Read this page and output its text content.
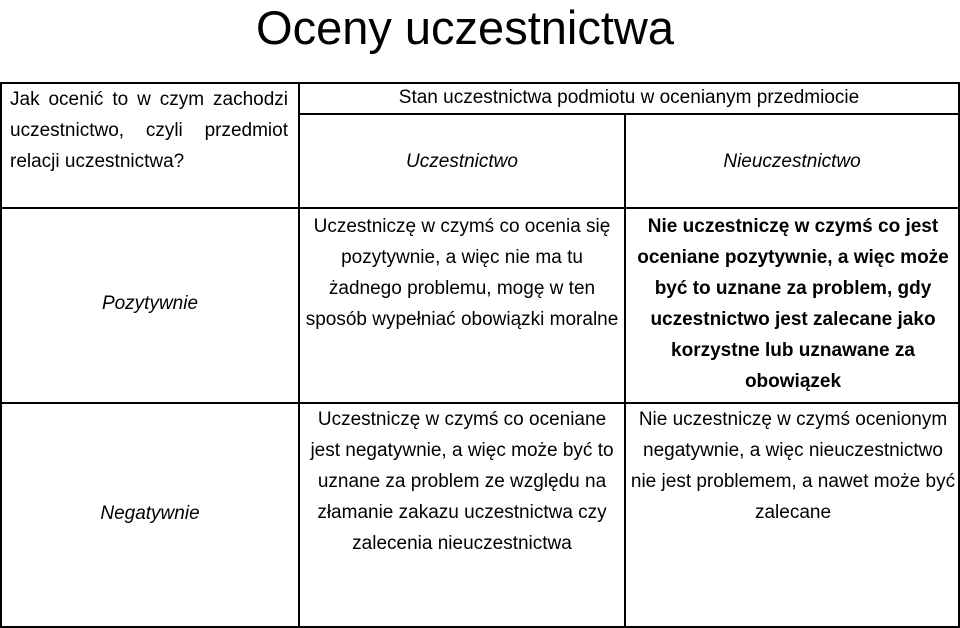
Oceny uczestnictwa
Jak ocenić to w czym zachodzi uczestnictwo, czyli przedmiot relacji uczestnictwa?
Stan uczestnictwa podmiotu w ocenianym przedmiocie
Uczestnictwo	Nieuczestnictwo
Pozytywnie
Uczestniczę w czymś co ocenia się pozytywnie, a więc nie ma tu żadnego problemu, mogę w ten sposób wypełniać obowiązki moralne
Nie uczestniczę w czymś co jest oceniane pozytywnie, a więc może być to uznane za problem, gdy uczestnictwo jest zalecane jako korzystne lub uznawane za obowiązek
Negatywnie
Uczestniczę w czymś co oceniane jest negatywnie, a więc może być to uznane za problem ze względu na złamanie zakazu uczestnictwa czy zalecenia nieuczestnictwa
Nie uczestniczę w czymś ocenionym negatywnie, a więc nieuczestnictwo nie jest problemem, a nawet może być zalecane
